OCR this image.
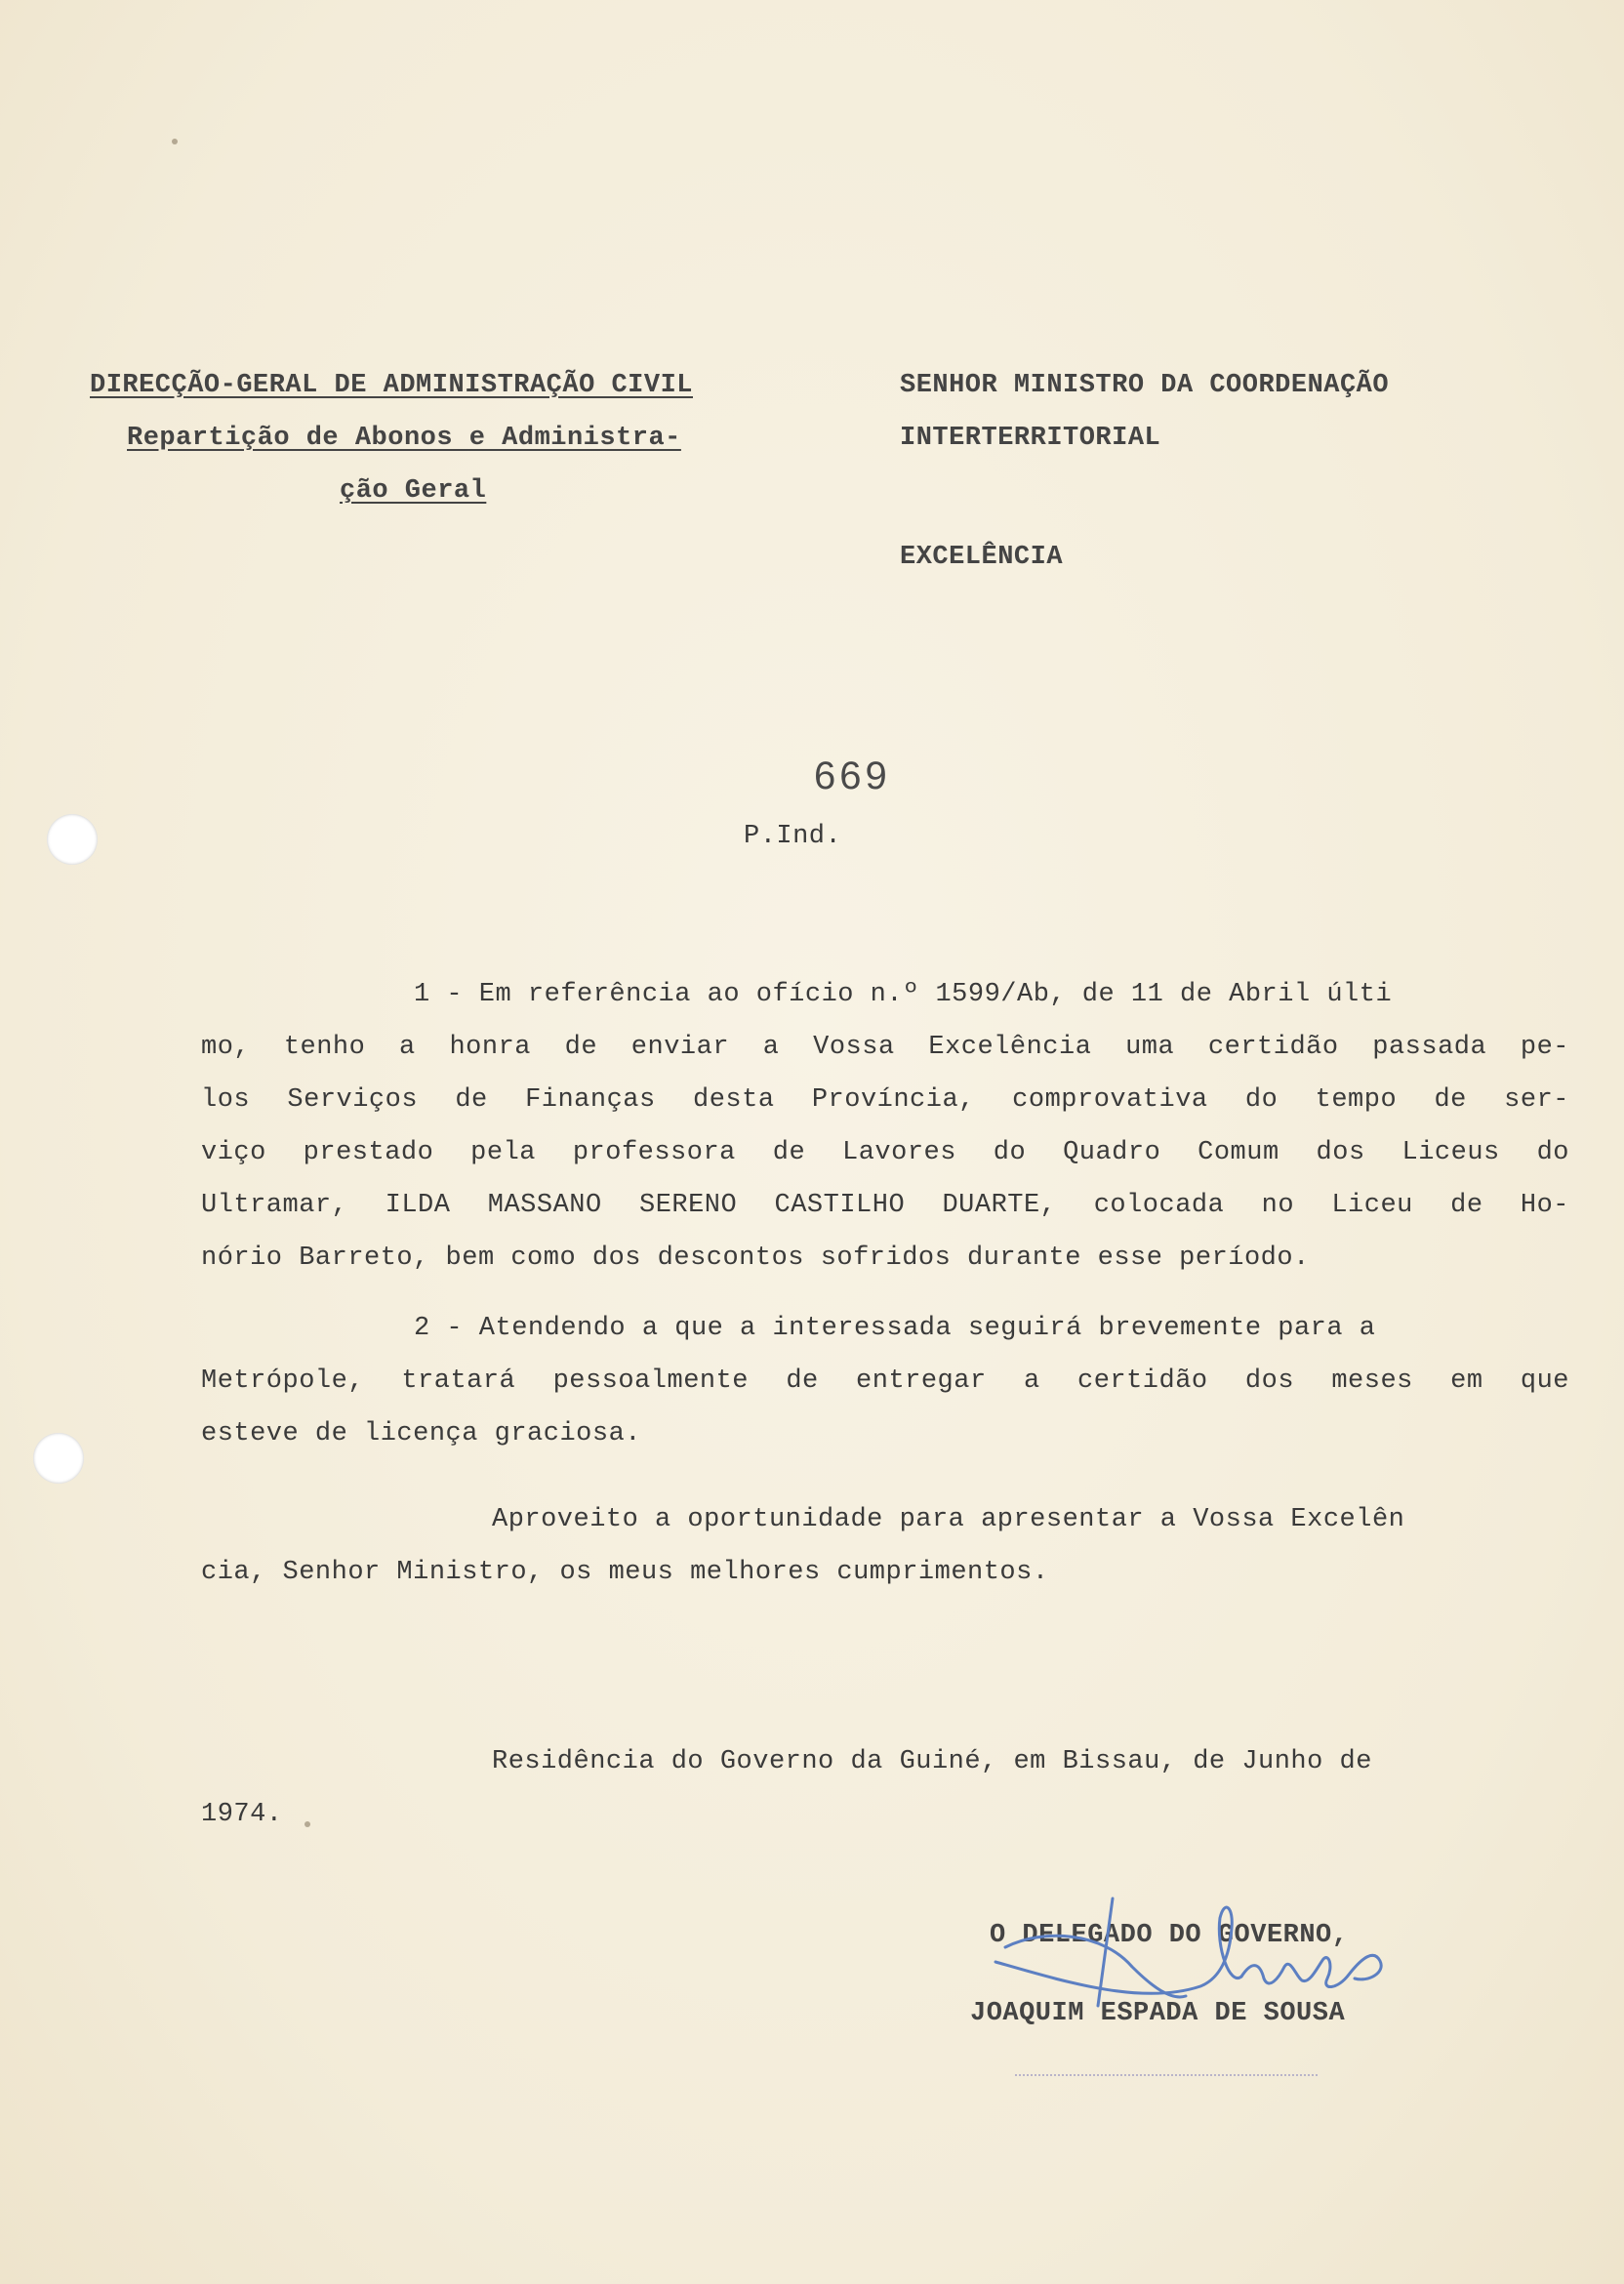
DIRECÇÃO-GERAL DE ADMINISTRAÇÃO CIVIL
Repartição de Abonos e Administra-
ção Geral
SENHOR MINISTRO DA COORDENAÇÃO
INTERTERRITORIAL
EXCELÊNCIA
669
P.Ind.
1 - Em referência ao ofício n.º 1599/Ab, de 11 de Abril últi
mo, tenho a honra de enviar a Vossa Excelência uma certidão passada pe-
los Serviços de Finanças desta Província, comprovativa do tempo de ser-
viço prestado pela professora de Lavores do Quadro Comum dos Liceus do
Ultramar, ILDA MASSANO SERENO CASTILHO DUARTE, colocada no Liceu de Ho-
nório Barreto, bem como dos descontos sofridos durante esse período.
2 - Atendendo a que a interessada seguirá brevemente para a
Metrópole, tratará pessoalmente de entregar a certidão dos meses em que
esteve de licença graciosa.
Aproveito a oportunidade para apresentar a Vossa Excelên
cia, Senhor Ministro, os meus melhores cumprimentos.
Residência do Governo da Guiné, em Bissau, de Junho de
1974.
O DELEGADO DO GOVERNO,
JOAQUIM ESPADA DE SOUSA
